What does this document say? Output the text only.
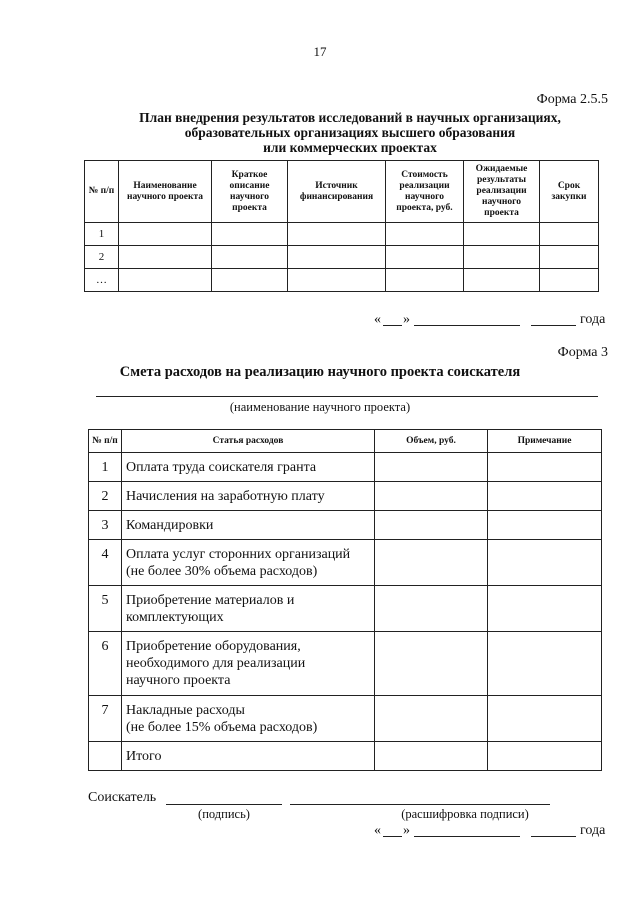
17
Форма 2.5.5
План внедрения результатов исследований в научных организациях,
образовательных организациях высшего образования
или коммерческих проектах
№ п/п	Наименование научного проекта	Краткое описание научного проекта	Источник финансирования	Стоимость реализации научного проекта, руб.	Ожидаемые результаты реализации научного проекта	Срок закупки
1						
2						
…						
« »	года
Форма 3
Смета расходов на реализацию научного проекта соискателя
(наименование научного проекта)
№ п/п	Статья расходов	Объем, руб.	Примечание
1	Оплата труда соискателя гранта		
2	Начисления на заработную плату		
3	Командировки		
4	Оплата услуг сторонних организаций
(не более 30% объема расходов)		
5	Приобретение материалов и
комплектующих		
6	Приобретение оборудования,
необходимого для реализации
научного проекта		
7	Накладные расходы
(не более 15% объема расходов)		
	Итого		
Соискатель
(подпись)	(расшифровка подписи)
« »	года
